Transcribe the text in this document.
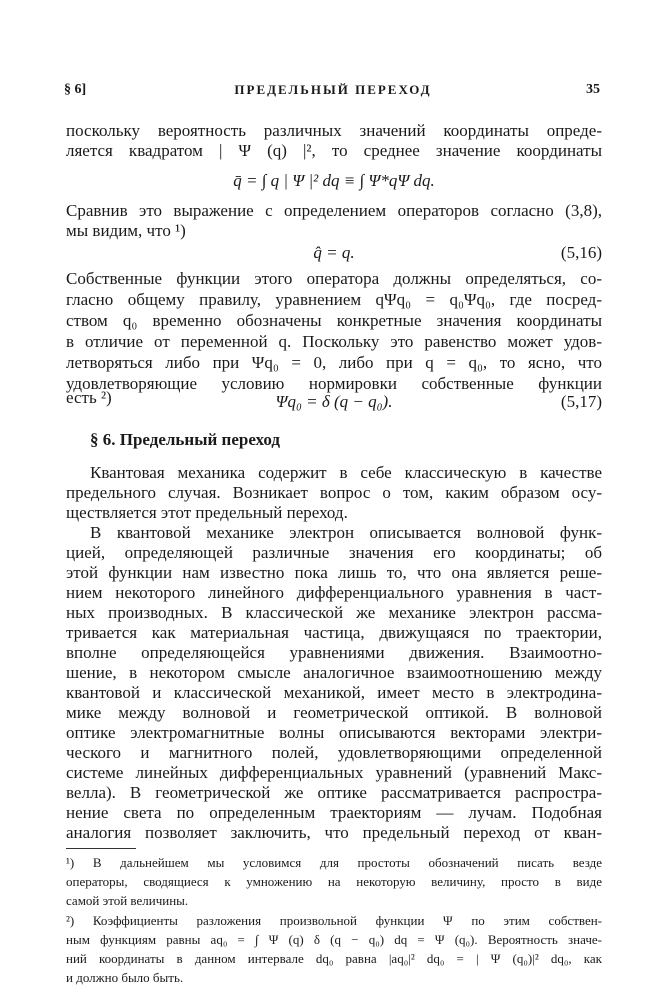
§ 6]	ПРЕДЕЛЬНЫЙ ПЕРЕХОД	35
поскольку вероятность различных значений координаты опреде-
ляется квадратом | Ψ (q) |², то среднее значение координаты
q̄ = ∫ q | Ψ |² dq ≡ ∫ Ψ*qΨ dq.
Сравнив это выражение с определением операторов согласно (3,8),
мы видим, что ¹)
q̂ = q.	(5,16)
Собственные функции этого оператора должны определяться, со-
гласно общему правилу, уравнением qΨq₀ = q₀Ψq₀, где посред-
ством q₀ временно обозначены конкретные значения координаты
в отличие от переменной q. Поскольку это равенство может удов-
летворяться либо при Ψq₀ = 0, либо при q = q₀, то ясно, что
удовлетворяющие условию нормировки собственные функции
есть ²)	Ψq₀ = δ (q − q₀).	(5,17)
§ 6. Предельный переход
Квантовая механика содержит в себе классическую в качестве
предельного случая. Возникает вопрос о том, каким образом осу-
ществляется этот предельный переход.
В квантовой механике электрон описывается волновой функ-
цией, определяющей различные значения его координаты; об
этой функции нам известно пока лишь то, что она является реше-
нием некоторого линейного дифференциального уравнения в част-
ных производных. В классической же механике электрон рассма-
тривается как материальная частица, движущаяся по траектории,
вполне определяющейся уравнениями движения. Взаимоотно-
шение, в некотором смысле аналогичное взаимоотношению между
квантовой и классической механикой, имеет место в электродина-
мике между волновой и геометрической оптикой. В волновой
оптике электромагнитные волны описываются векторами электри-
ческого и магнитного полей, удовлетворяющими определенной
системе линейных дифференциальных уравнений (уравнений Макс-
велла). В геометрической же оптике рассматривается распростра-
нение света по определенным траекториям — лучам. Подобная
аналогия позволяет заключить, что предельный переход от кван-
¹) В дальнейшем мы условимся для простоты обозначений писать везде
операторы, сводящиеся к умножению на некоторую величину, просто в виде
самой этой величины.
²) Коэффициенты разложения произвольной функции Ψ по этим собствен-
ным функциям равны aq₀ = ∫ Ψ (q) δ (q − q₀) dq = Ψ (q₀). Вероятность значе-
ний координаты в данном интервале dq₀ равна |aq₀|² dq₀ = | Ψ (q₀)|² dq₀, как
и должно было быть.
